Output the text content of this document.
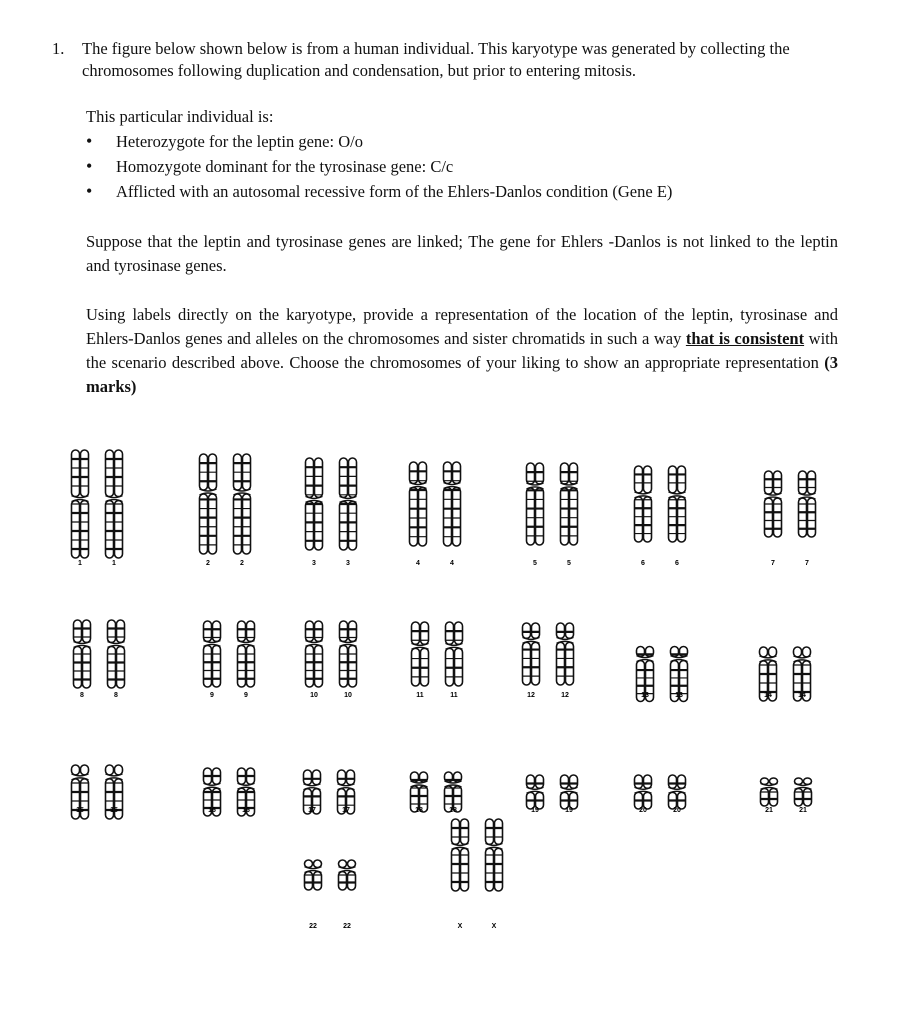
1. The figure below shown below is from a human individual. This karyotype was generated by collecting the chromosomes following duplication and condensation, but prior to entering mitosis.
This particular individual is:
• Heterozygote for the leptin gene: O/o
• Homozygote dominant for the tyrosinase gene: C/c
• Afflicted with an autosomal recessive form of the Ehlers-Danlos condition (Gene E)
Suppose that the leptin and tyrosinase genes are linked; The gene for Ehlers -Danlos is not linked to the leptin and tyrosinase genes.
Using labels directly on the karyotype, provide a representation of the location of the leptin, tyrosinase and Ehlers-Danlos genes and alleles on the chromosomes and sister chromatids in such a way that is consistent with the scenario described above. Choose the chromosomes of your liking to show an appropriate representation (3 marks)
1	1	2	2	3	3	4	4	5	5	6	6	7	7
8	8	9	9	10	10	11	11	12	12	13	13	14	14
15	15	16	16	17	17	18	18	19	19	20	20	21	21
22	22	X	X
